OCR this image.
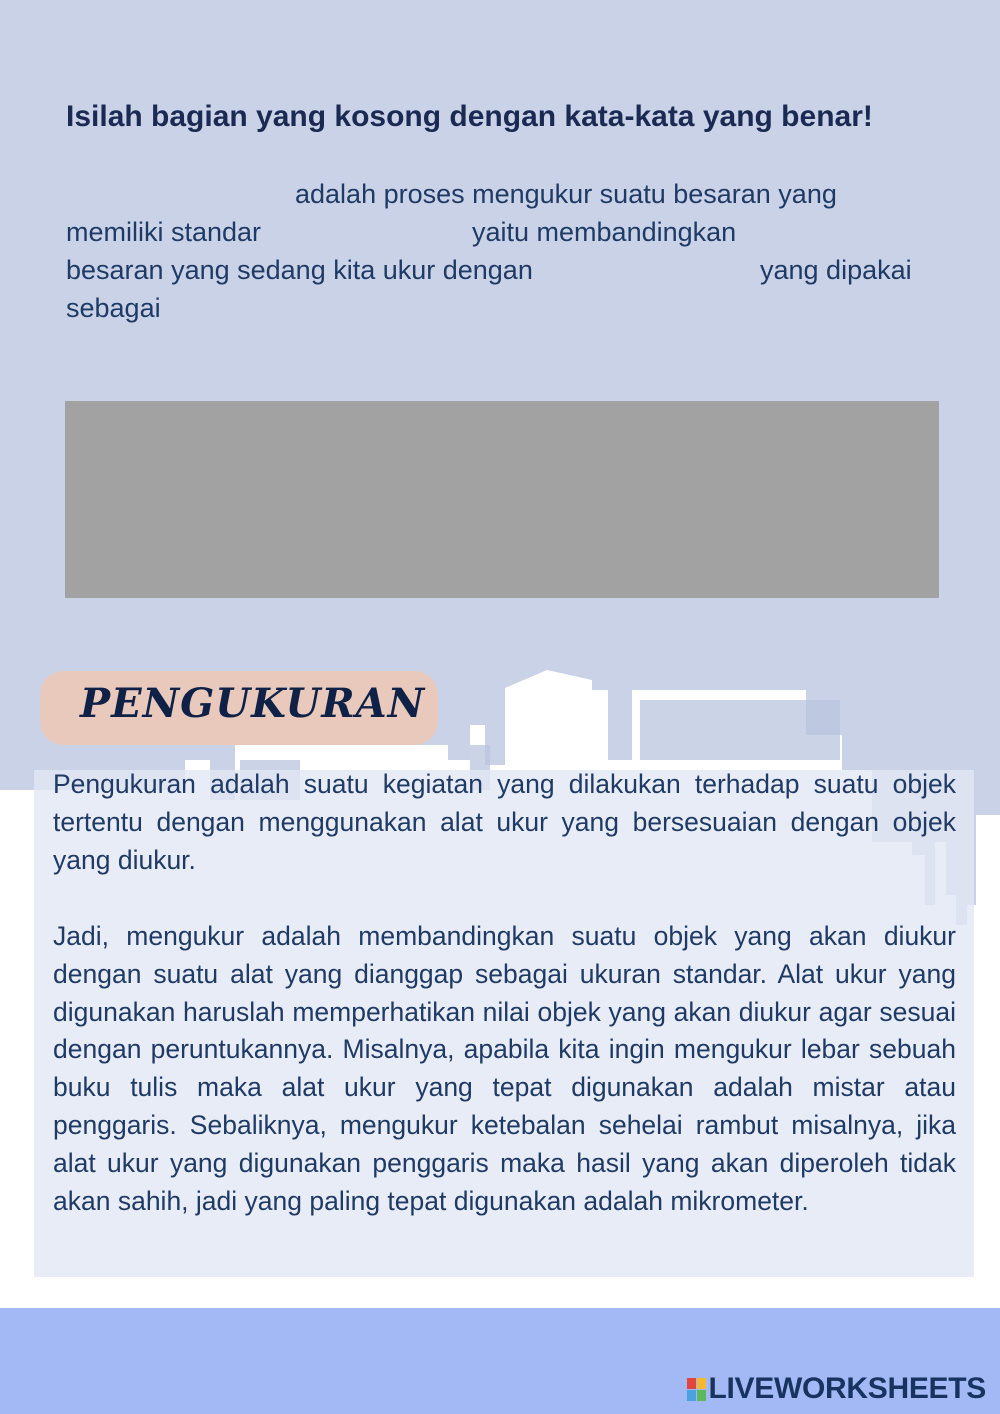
Isilah bagian yang kosong dengan kata-kata yang benar!
adalah proses mengukur suatu besaran yang
memiliki standar	yaitu membandingkan
besaran yang sedang kita ukur dengan	yang dipakai
sebagai
PENGUKURAN

Pengukuran adalah suatu kegiatan yang dilakukan terhadap suatu objek tertentu dengan menggunakan alat ukur yang bersesuaian dengan objek yang diukur.

Jadi, mengukur adalah membandingkan suatu objek yang akan diukur dengan suatu alat yang dianggap sebagai ukuran standar. Alat ukur yang digunakan haruslah memperhatikan nilai objek yang akan diukur agar sesuai dengan peruntukannya. Misalnya, apabila kita ingin mengukur lebar sebuah buku tulis maka alat ukur yang tepat digunakan adalah mistar atau penggaris. Sebaliknya, mengukur ketebalan sehelai rambut misalnya, jika alat ukur yang digunakan penggaris maka hasil yang akan diperoleh tidak akan sahih, jadi yang paling tepat digunakan adalah mikrometer.

LIVEWORKSHEETS
